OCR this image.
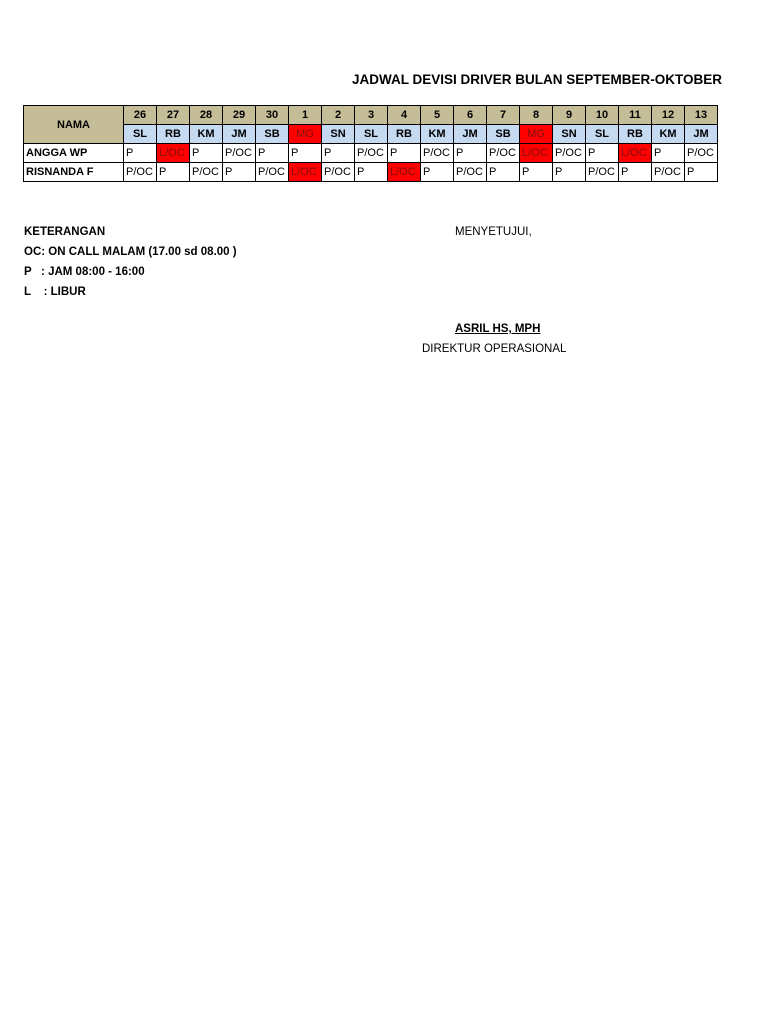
JADWAL DEVISI DRIVER BULAN SEPTEMBER-OKTOBER
NAMA	26	27	28	29	30	1	2	3	4	5	6	7	8	9	10	11	12	13
	SL	RB	KM	JM	SB	MG	SN	SL	RB	KM	JM	SB	MG	SN	SL	RB	KM	JM
ANGGA WP	P	L/OC	P	P/OC	P	P	P	P/OC	P	P/OC	P	P/OC	L/OC	P/OC	P	L/OC	P	P/OC
RISNANDA F	P/OC	P	P/OC	P	P/OC	L/OC	P/OC	P	L/OC	P	P/OC	P	P	P	P/OC	P	P/OC	P
KETERANGAN
OC: ON CALL MALAM (17.00 sd 08.00 )
P   : JAM 08:00 - 16:00
L    : LIBUR
MENYETUJUI,
ASRIL HS, MPH
DIREKTUR OPERASIONAL
